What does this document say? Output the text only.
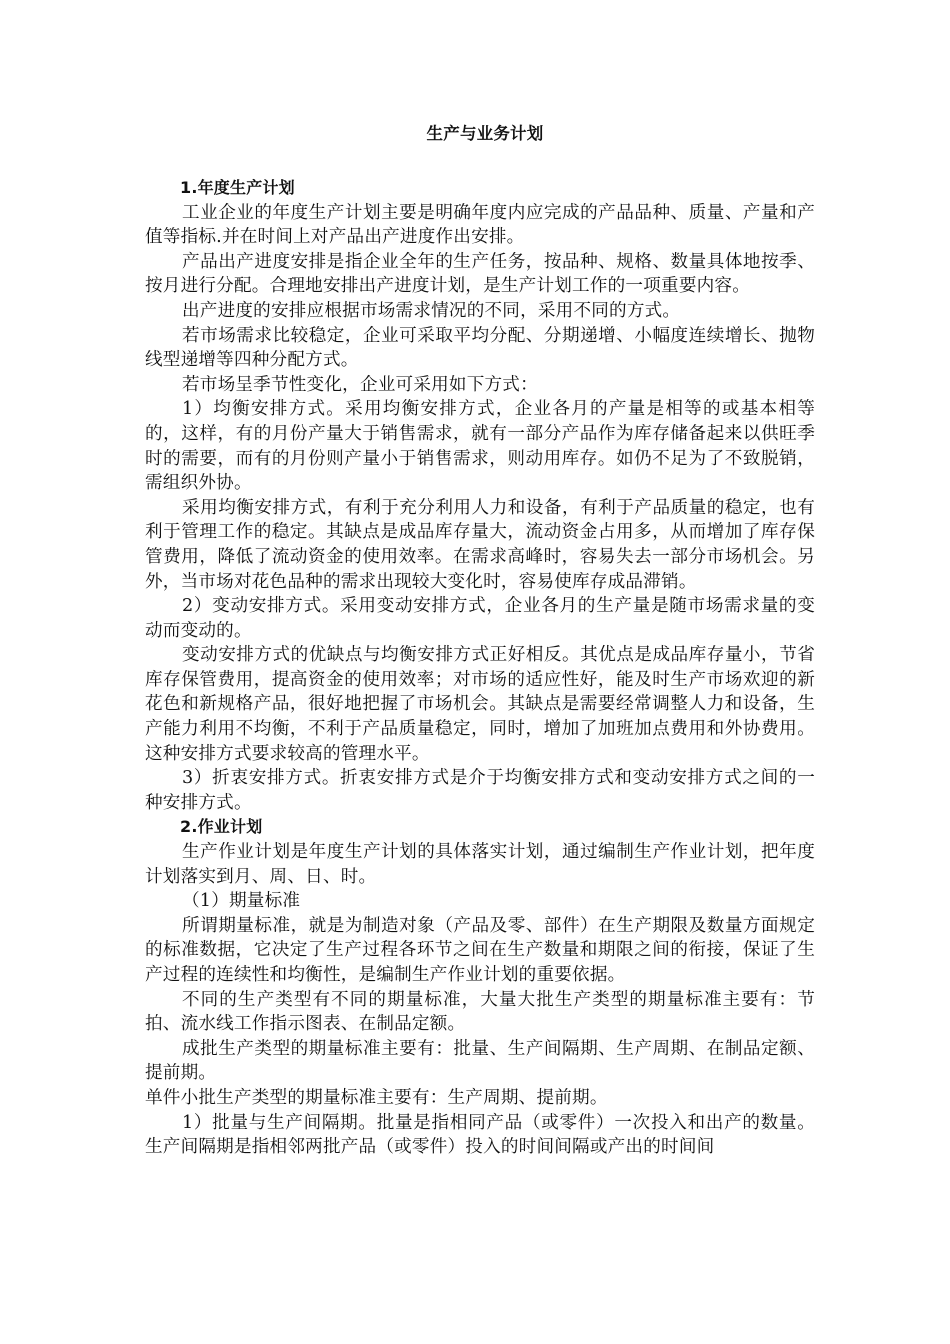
生产与业务计划
1.年度生产计划

工业企业的年度生产计划主要是明确年度内应完成的产品品种、质量、产量和产值等指标.并在时间上对产品出产进度作出安排。

产品出产进度安排是指企业全年的生产任务，按品种、规格、数量具体地按季、按月进行分配。合理地安排出产进度计划，是生产计划工作的一项重要内容。

出产进度的安排应根据市场需求情况的不同，采用不同的方式。

若市场需求比较稳定，企业可采取平均分配、分期递增、小幅度连续增长、抛物线型递增等四种分配方式。

若市场呈季节性变化，企业可采用如下方式：

1）均衡安排方式。采用均衡安排方式，企业各月的产量是相等的或基本相等的，这样，有的月份产量大于销售需求，就有一部分产品作为库存储备起来以供旺季时的需要，而有的月份则产量小于销售需求，则动用库存。如仍不足为了不致脱销，需组织外协。

采用均衡安排方式，有利于充分利用人力和设备，有利于产品质量的稳定，也有利于管理工作的稳定。其缺点是成品库存量大，流动资金占用多，从而增加了库存保管费用，降低了流动资金的使用效率。在需求高峰时，容易失去一部分市场机会。另外，当市场对花色品种的需求出现较大变化时，容易使库存成品滞销。

2）变动安排方式。采用变动安排方式，企业各月的生产量是随市场需求量的变动而变动的。

变动安排方式的优缺点与均衡安排方式正好相反。其优点是成品库存量小，节省库存保管费用，提高资金的使用效率；对市场的适应性好，能及时生产市场欢迎的新花色和新规格产品，很好地把握了市场机会。其缺点是需要经常调整人力和设备，生产能力利用不均衡，不利于产品质量稳定，同时，增加了加班加点费用和外协费用。这种安排方式要求较高的管理水平。

3）折衷安排方式。折衷安排方式是介于均衡安排方式和变动安排方式之间的一种安排方式。

2.作业计划

生产作业计划是年度生产计划的具体落实计划，通过编制生产作业计划，把年度计划落实到月、周、日、时。

（1）期量标准

所谓期量标准，就是为制造对象（产品及零、部件）在生产期限及数量方面规定的标准数据，它决定了生产过程各环节之间在生产数量和期限之间的衔接，保证了生产过程的连续性和均衡性，是编制生产作业计划的重要依据。

不同的生产类型有不同的期量标准，大量大批生产类型的期量标准主要有：节拍、流水线工作指示图表、在制品定额。

成批生产类型的期量标准主要有：批量、生产间隔期、生产周期、在制品定额、提前期。

单件小批生产类型的期量标准主要有：生产周期、提前期。

1）批量与生产间隔期。批量是指相同产品（或零件）一次投入和出产的数量。生产间隔期是指相邻两批产品（或零件）投入的时间间隔或产出的时间间
